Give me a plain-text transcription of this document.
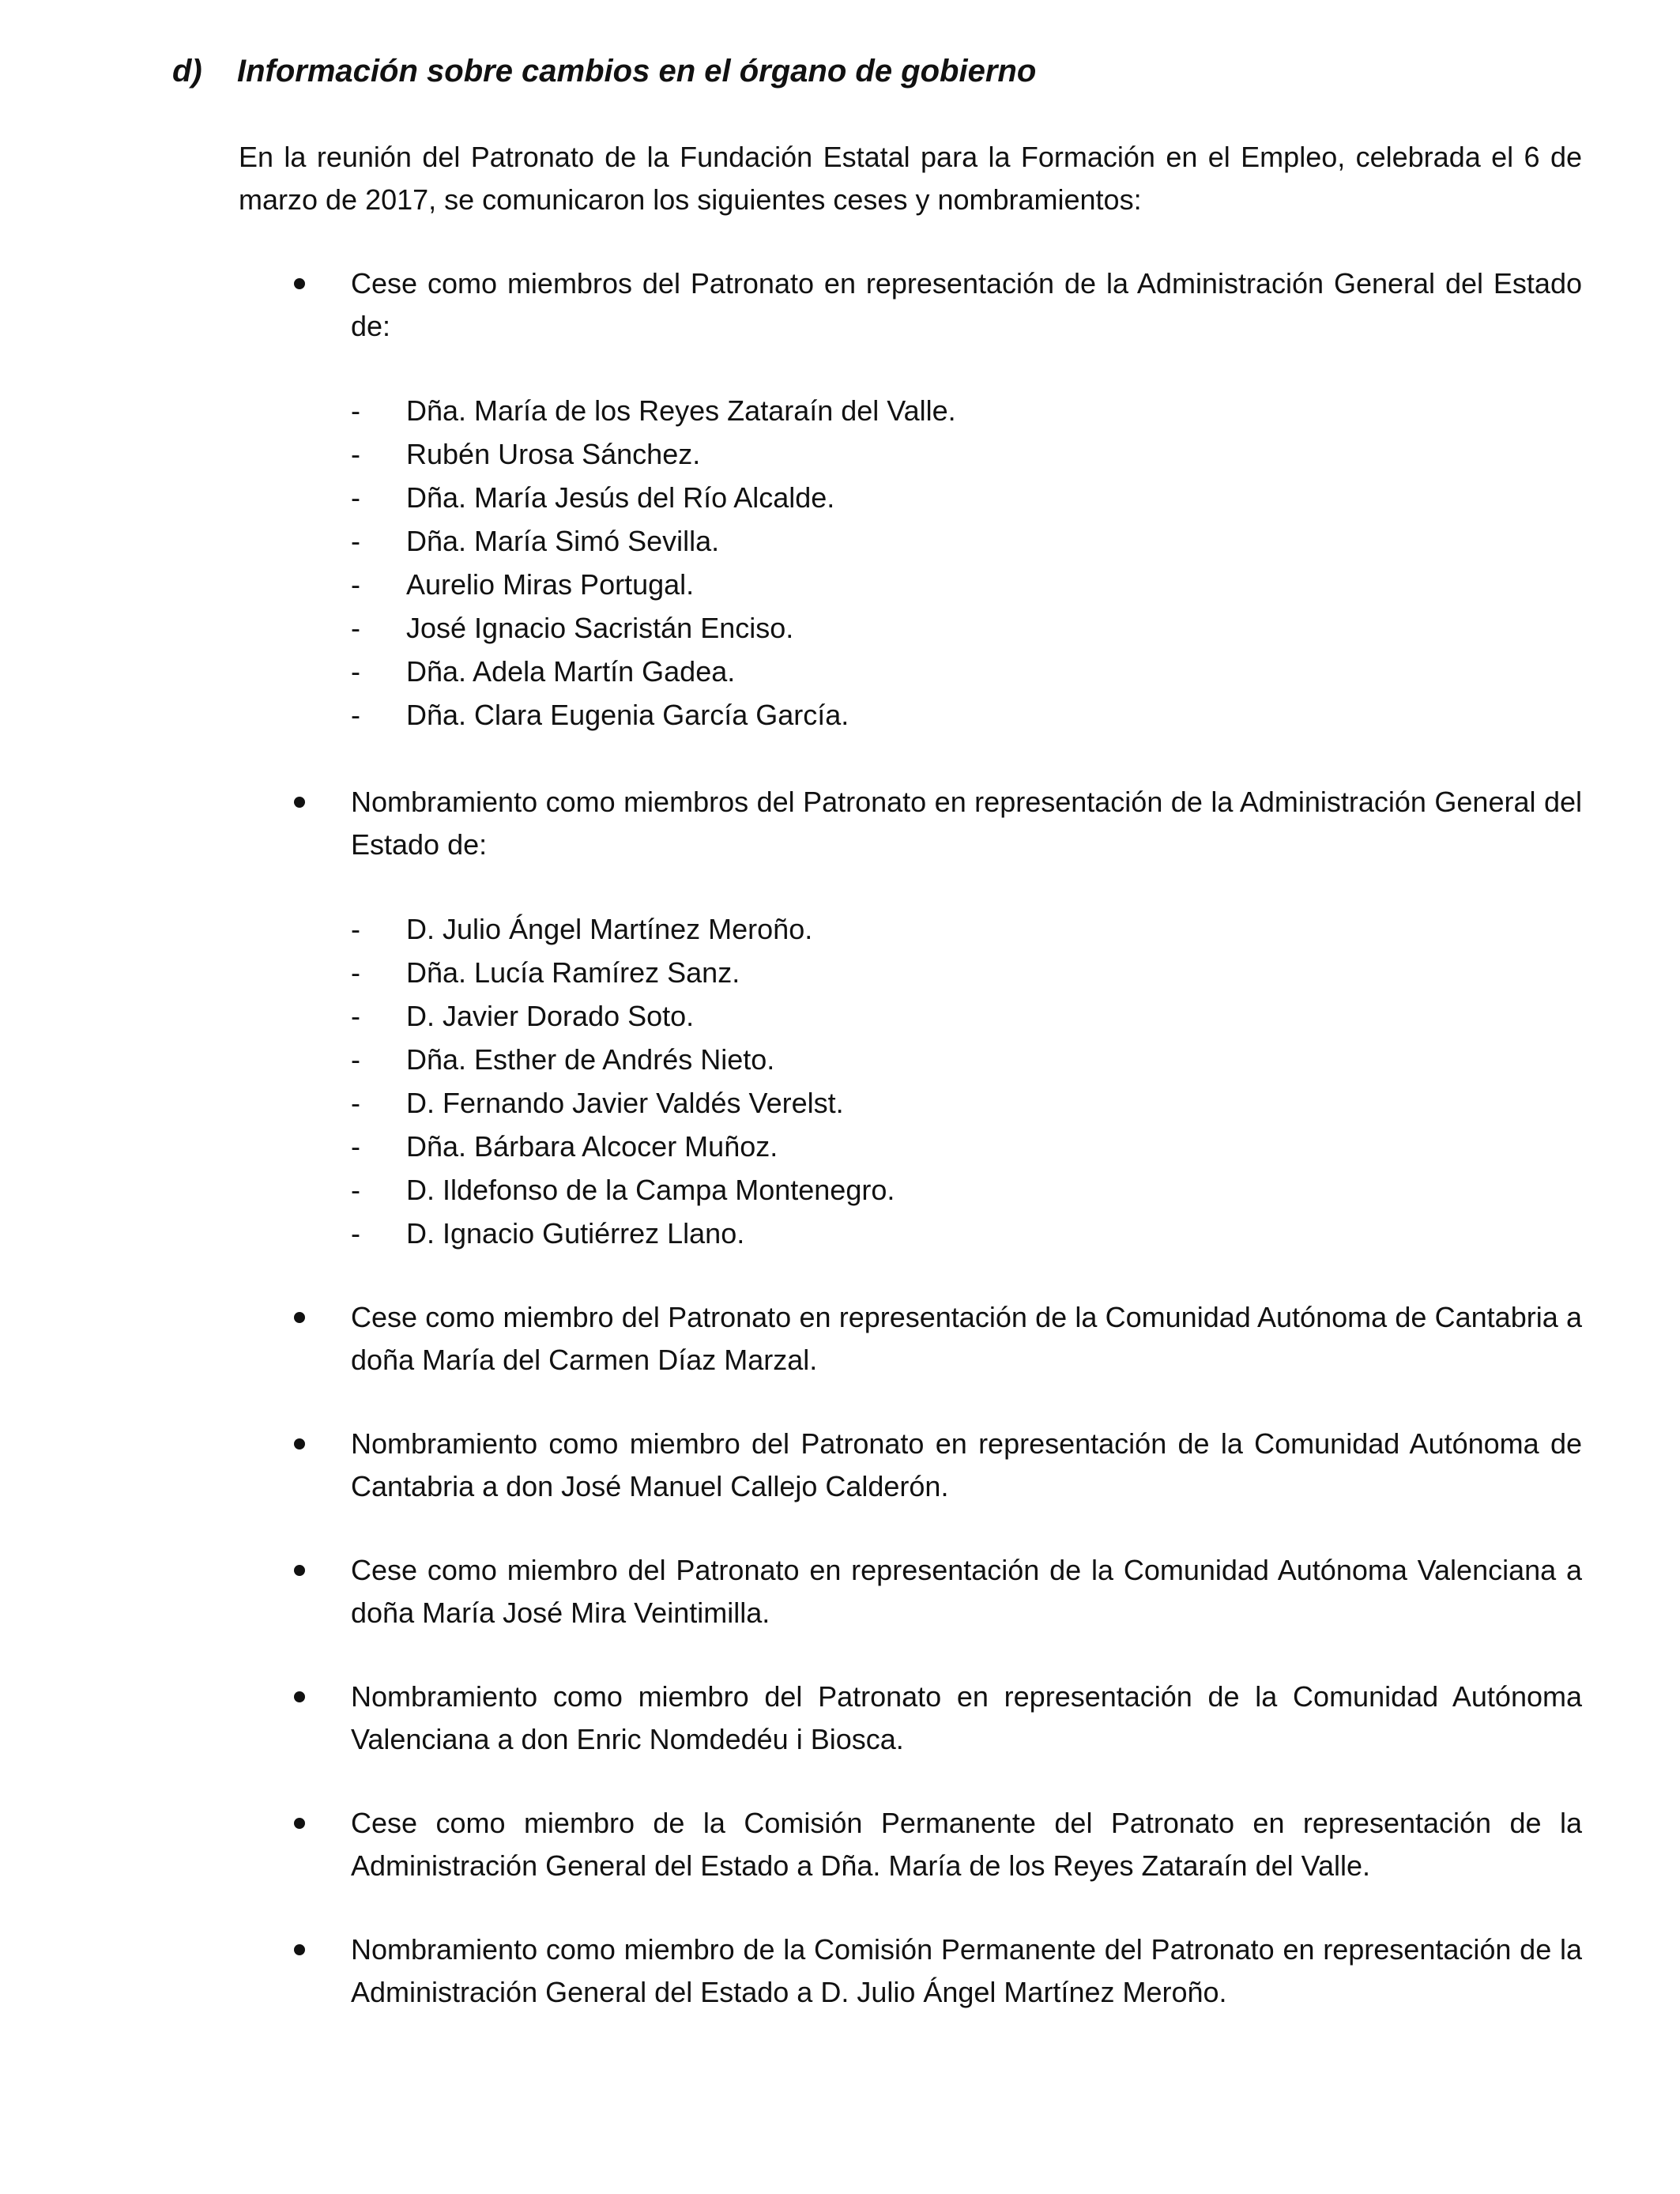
d) Información sobre cambios en el órgano de gobierno

En la reunión del Patronato de la Fundación Estatal para la Formación en el Empleo, celebrada el 6 de marzo de 2017, se comunicaron los siguientes ceses y nombramientos:

Cese como miembros del Patronato en representación de la Administración General del Estado de:
- Dña. María de los Reyes Zataraín del Valle.
- Rubén Urosa Sánchez.
- Dña. María Jesús del Río Alcalde.
- Dña. María Simó Sevilla.
- Aurelio Miras Portugal.
- José Ignacio Sacristán Enciso.
- Dña. Adela Martín Gadea.
- Dña. Clara Eugenia García García.
Nombramiento como miembros del Patronato en representación de la Administración General del Estado de:
- D. Julio Ángel Martínez Meroño.
- Dña. Lucía Ramírez Sanz.
- D. Javier Dorado Soto.
- Dña. Esther de Andrés Nieto.
- D. Fernando Javier Valdés Verelst.
- Dña. Bárbara Alcocer Muñoz.
- D. Ildefonso de la Campa Montenegro.
- D. Ignacio Gutiérrez Llano.
Cese como miembro del Patronato en representación de la Comunidad Autónoma de Cantabria a doña María del Carmen Díaz Marzal.
Nombramiento como miembro del Patronato en representación de la Comunidad Autónoma de Cantabria a don José Manuel Callejo Calderón.
Cese como miembro del Patronato en representación de la Comunidad Autónoma Valenciana a doña María José Mira Veintimilla.
Nombramiento como miembro del Patronato en representación de la Comunidad Autónoma Valenciana a don Enric Nomdedéu i Biosca.
Cese como miembro de la Comisión Permanente del Patronato en representación de la Administración General del Estado a Dña. María de los Reyes Zataraín del Valle.
Nombramiento como miembro de la Comisión Permanente del Patronato en representación de la Administración General del Estado a D. Julio Ángel Martínez Meroño.
